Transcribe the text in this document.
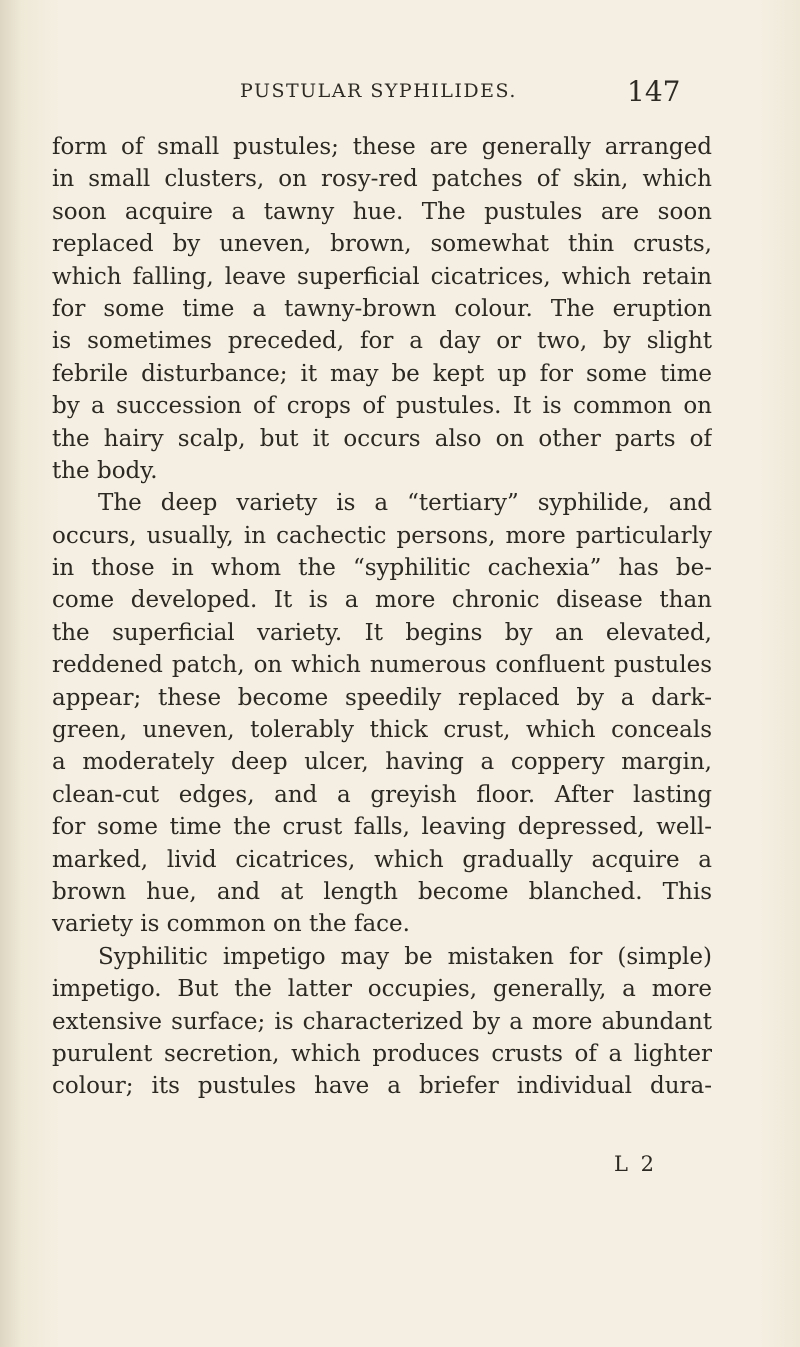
PUSTULAR SYPHILIDES.	147
form of small pustules; these are generally arranged
in small clusters, on rosy-red patches of skin, which
soon acquire a tawny hue. The pustules are soon
replaced by uneven, brown, somewhat thin crusts,
which falling, leave superficial cicatrices, which retain
for some time a tawny-brown colour. The eruption
is sometimes preceded, for a day or two, by slight
febrile disturbance; it may be kept up for some time
by a succession of crops of pustules. It is common on
the hairy scalp, but it occurs also on other parts of
the body.
The deep variety is a “tertiary” syphilide, and
occurs, usually, in cachectic persons, more particularly
in those in whom the “syphilitic cachexia” has be-
come developed. It is a more chronic disease than
the superficial variety. It begins by an elevated,
reddened patch, on which numerous confluent pustules
appear; these become speedily replaced by a dark-
green, uneven, tolerably thick crust, which conceals
a moderately deep ulcer, having a coppery margin,
clean-cut edges, and a greyish floor. After lasting
for some time the crust falls, leaving depressed, well-
marked, livid cicatrices, which gradually acquire a
brown hue, and at length become blanched. This
variety is common on the face.
Syphilitic impetigo may be mistaken for (simple)
impetigo. But the latter occupies, generally, a more
extensive surface; is characterized by a more abundant
purulent secretion, which produces crusts of a lighter
colour; its pustules have a briefer individual dura-
L 2
